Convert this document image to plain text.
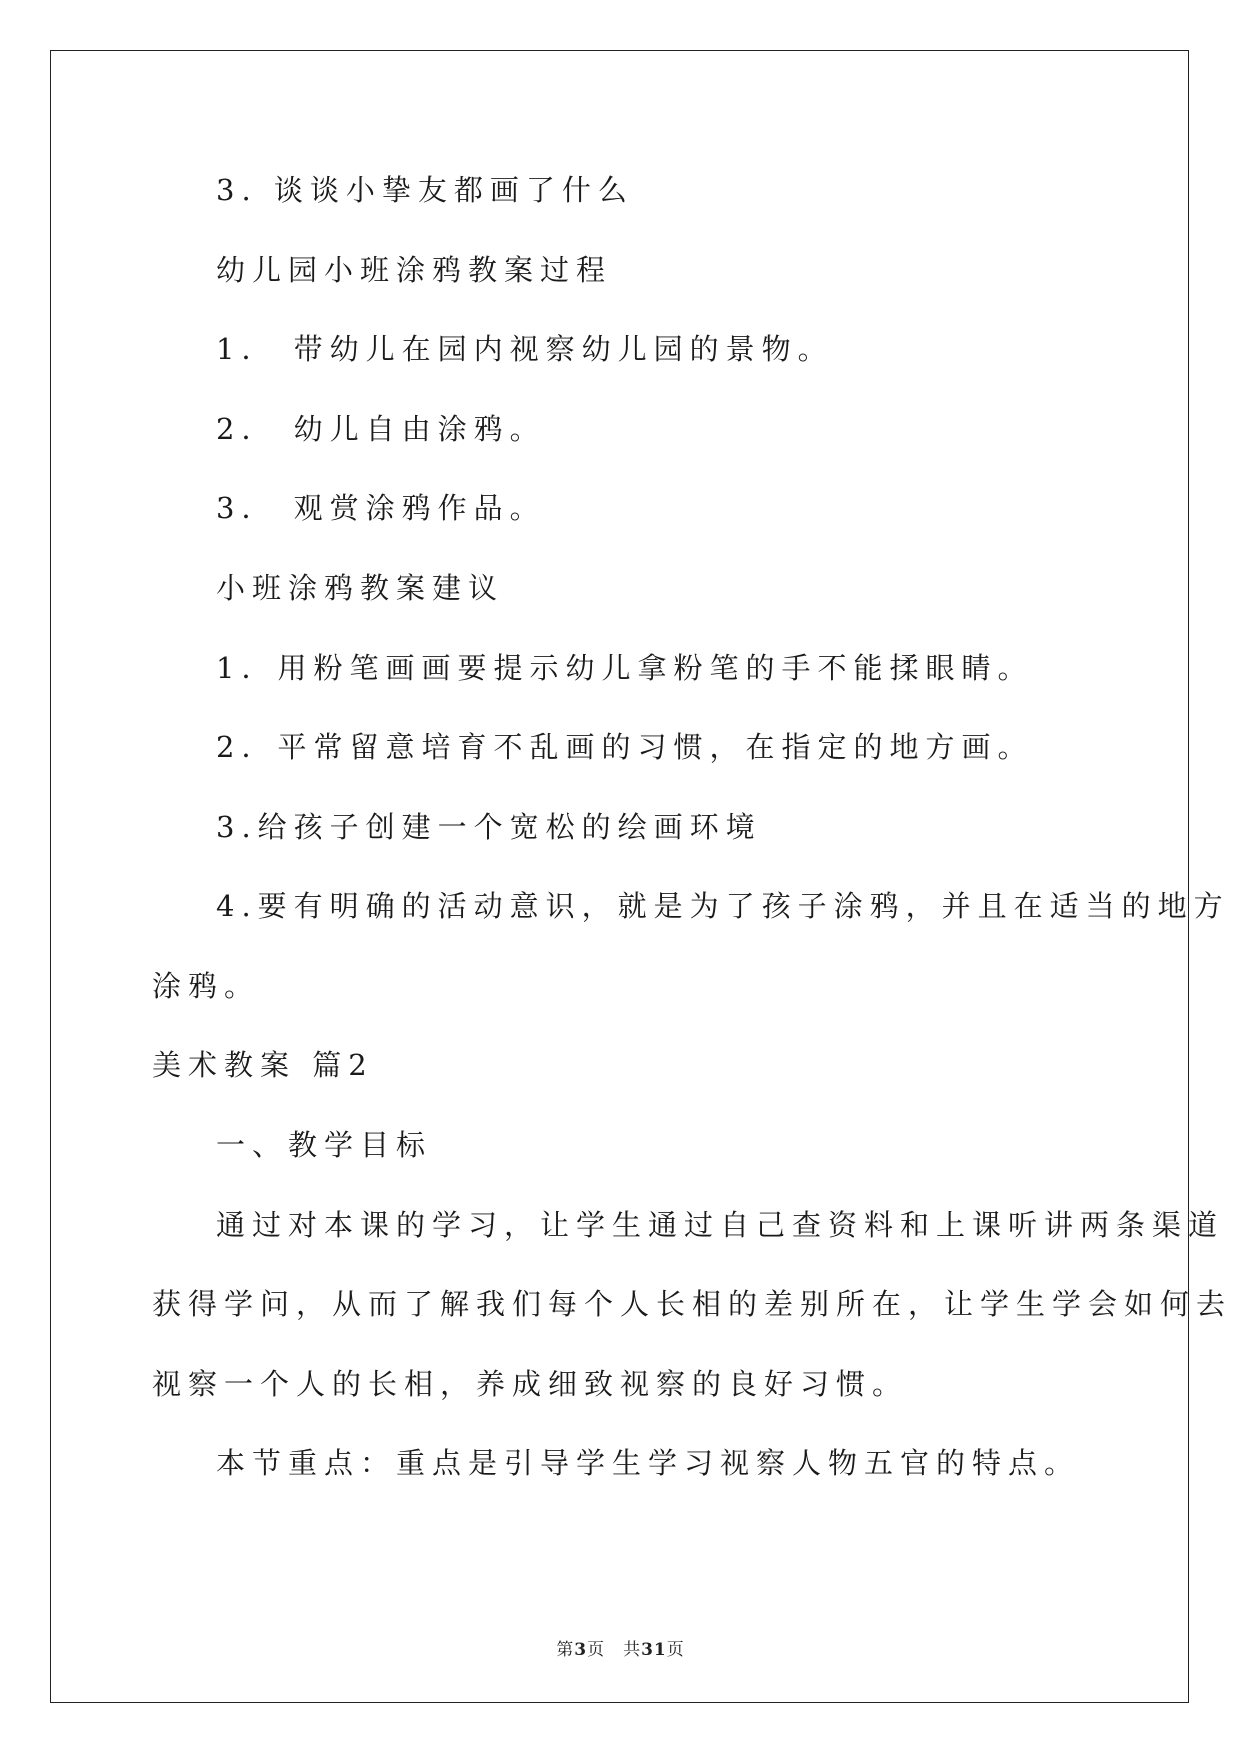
3. 谈谈小挚友都画了什么
幼儿园小班涂鸦教案过程
1． 带幼儿在园内视察幼儿园的景物。
2． 幼儿自由涂鸦。
3． 观赏涂鸦作品。
小班涂鸦教案建议
1．用粉笔画画要提示幼儿拿粉笔的手不能揉眼睛。
2．平常留意培育不乱画的习惯，在指定的地方画。
3.给孩子创建一个宽松的绘画环境
4.要有明确的活动意识，就是为了孩子涂鸦，并且在适当的地方
涂鸦。
美术教案 篇2
一、教学目标
通过对本课的学习，让学生通过自己查资料和上课听讲两条渠道
获得学问，从而了解我们每个人长相的差别所在，让学生学会如何去
视察一个人的长相，养成细致视察的良好习惯。
本节重点：重点是引导学生学习视察人物五官的特点。
第3页　共31页
